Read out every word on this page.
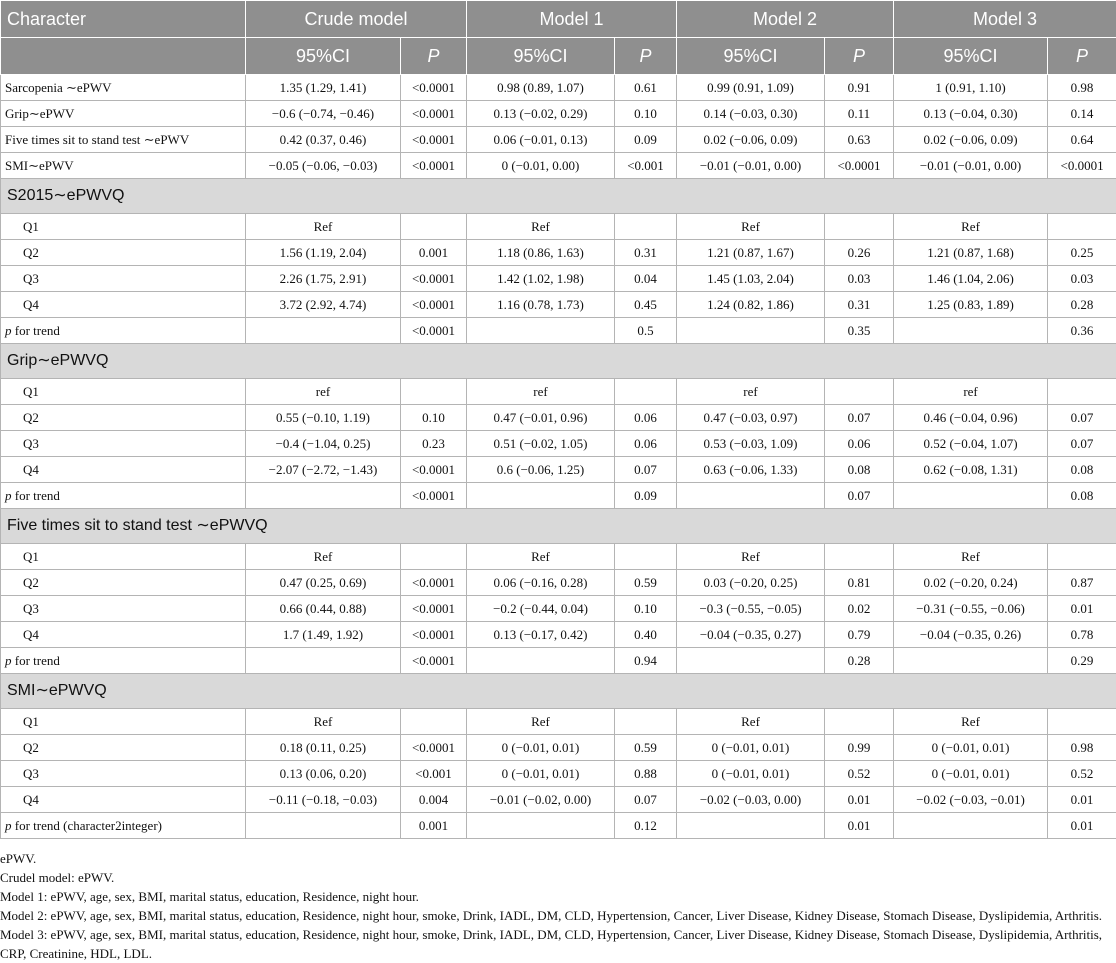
Character	Crude model		Model 1		Model 2		Model 3	
	95%CI	P	95%CI	P	95%CI	P	95%CI	P
Sarcopenia ∼ePWV	1.35 (1.29, 1.41)	<0.0001	0.98 (0.89, 1.07)	0.61	0.99 (0.91, 1.09)	0.91	1 (0.91, 1.10)	0.98
Grip∼ePWV	−0.6 (−0.74, −0.46)	<0.0001	0.13 (−0.02, 0.29)	0.10	0.14 (−0.03, 0.30)	0.11	0.13 (−0.04, 0.30)	0.14
Five times sit to stand test ∼ePWV	0.42 (0.37, 0.46)	<0.0001	0.06 (−0.01, 0.13)	0.09	0.02 (−0.06, 0.09)	0.63	0.02 (−0.06, 0.09)	0.64
SMI∼ePWV	−0.05 (−0.06, −0.03)	<0.0001	0 (−0.01, 0.00)	<0.001	−0.01 (−0.01, 0.00)	<0.0001	−0.01 (−0.01, 0.00)	<0.0001
S2015∼ePWVQ								
Q1	Ref		Ref		Ref		Ref	
Q2	1.56 (1.19, 2.04)	0.001	1.18 (0.86, 1.63)	0.31	1.21 (0.87, 1.67)	0.26	1.21 (0.87, 1.68)	0.25
Q3	2.26 (1.75, 2.91)	<0.0001	1.42 (1.02, 1.98)	0.04	1.45 (1.03, 2.04)	0.03	1.46 (1.04, 2.06)	0.03
Q4	3.72 (2.92, 4.74)	<0.0001	1.16 (0.78, 1.73)	0.45	1.24 (0.82, 1.86)	0.31	1.25 (0.83, 1.89)	0.28
p for trend		<0.0001		0.5		0.35		0.36
Grip∼ePWVQ								
Q1	ref		ref		ref		ref	
Q2	0.55 (−0.10, 1.19)	0.10	0.47 (−0.01, 0.96)	0.06	0.47 (−0.03, 0.97)	0.07	0.46 (−0.04, 0.96)	0.07
Q3	−0.4 (−1.04, 0.25)	0.23	0.51 (−0.02, 1.05)	0.06	0.53 (−0.03, 1.09)	0.06	0.52 (−0.04, 1.07)	0.07
Q4	−2.07 (−2.72, −1.43)	<0.0001	0.6 (−0.06, 1.25)	0.07	0.63 (−0.06, 1.33)	0.08	0.62 (−0.08, 1.31)	0.08
p for trend		<0.0001		0.09		0.07		0.08
Five times sit to stand test ∼ePWVQ								
Q1	Ref		Ref		Ref		Ref	
Q2	0.47 (0.25, 0.69)	<0.0001	0.06 (−0.16, 0.28)	0.59	0.03 (−0.20, 0.25)	0.81	0.02 (−0.20, 0.24)	0.87
Q3	0.66 (0.44, 0.88)	<0.0001	−0.2 (−0.44, 0.04)	0.10	−0.3 (−0.55, −0.05)	0.02	−0.31 (−0.55, −0.06)	0.01
Q4	1.7 (1.49, 1.92)	<0.0001	0.13 (−0.17, 0.42)	0.40	−0.04 (−0.35, 0.27)	0.79	−0.04 (−0.35, 0.26)	0.78
p for trend		<0.0001		0.94		0.28		0.29
SMI∼ePWVQ								
Q1	Ref		Ref		Ref		Ref	
Q2	0.18 (0.11, 0.25)	<0.0001	0 (−0.01, 0.01)	0.59	0 (−0.01, 0.01)	0.99	0 (−0.01, 0.01)	0.98
Q3	0.13 (0.06, 0.20)	<0.001	0 (−0.01, 0.01)	0.88	0 (−0.01, 0.01)	0.52	0 (−0.01, 0.01)	0.52
Q4	−0.11 (−0.18, −0.03)	0.004	−0.01 (−0.02, 0.00)	0.07	−0.02 (−0.03, 0.00)	0.01	−0.02 (−0.03, −0.01)	0.01
p for trend (character2integer)		0.001		0.12		0.01		0.01
ePWV.
Crudel model: ePWV.
Model 1: ePWV, age, sex, BMI, marital status, education, Residence, night hour.
Model 2: ePWV, age, sex, BMI, marital status, education, Residence, night hour, smoke, Drink, IADL, DM, CLD, Hypertension, Cancer, Liver Disease, Kidney Disease, Stomach Disease, Dyslipidemia, Arthritis.
Model 3: ePWV, age, sex, BMI, marital status, education, Residence, night hour, smoke, Drink, IADL, DM, CLD, Hypertension, Cancer, Liver Disease, Kidney Disease, Stomach Disease, Dyslipidemia, Arthritis, CRP, Creatinine, HDL, LDL.
